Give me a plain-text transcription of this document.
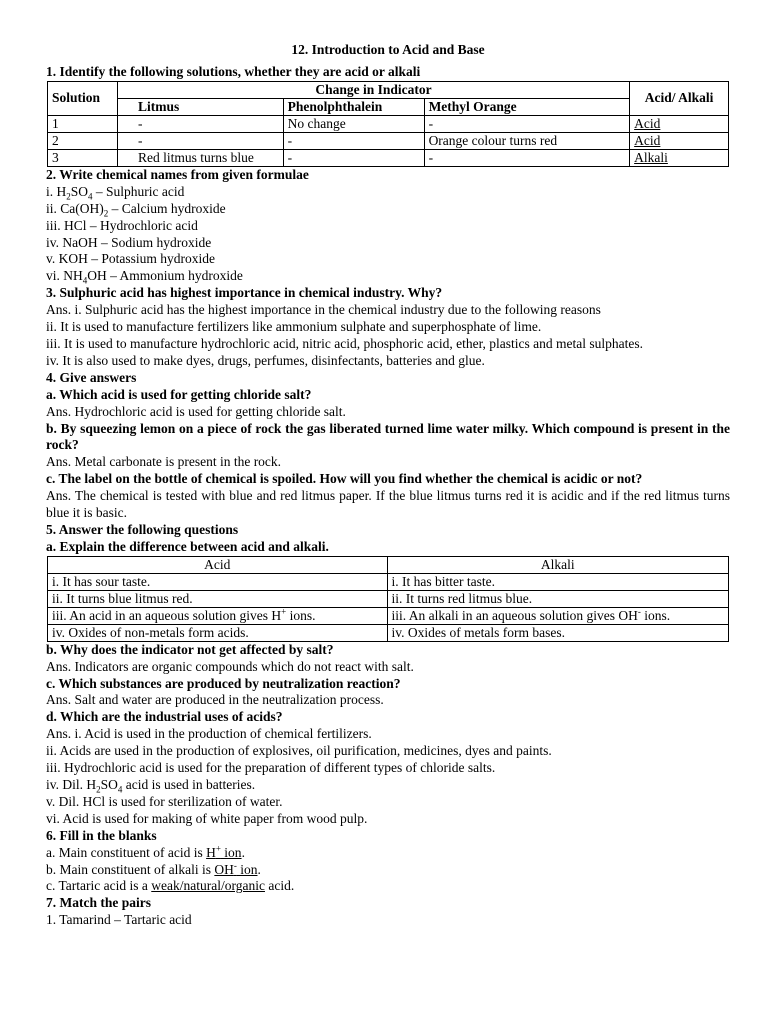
12. Introduction to Acid and Base
1. Identify the following solutions, whether they are acid or alkali
Solution	Change in Indicator			Acid/ Alkali
	Litmus	Phenolphthalein	Methyl Orange	
1	-	No change	-	Acid
2	-	-	Orange colour turns red	Acid
3	Red litmus turns blue	-	-	Alkali
2. Write chemical names from given formulae
i. $H_2SO_4$ – Sulphuric acid
ii. $Ca(OH)_2$ – Calcium hydroxide
iii. HCl – Hydrochloric acid
iv. NaOH – Sodium hydroxide
v. KOH – Potassium hydroxide
vi. $NH_4OH$ – Ammonium hydroxide
3. Sulphuric acid has highest importance in chemical industry. Why?
Ans. i. Sulphuric acid has the highest importance in the chemical industry due to the following reasons
ii. It is used to manufacture fertilizers like ammonium sulphate and superphosphate of lime.
iii. It is used to manufacture hydrochloric acid, nitric acid, phosphoric acid, ether, plastics and metal sulphates.
iv. It is also used to make dyes, drugs, perfumes, disinfectants, batteries and glue.
4. Give answers
a. Which acid is used for getting chloride salt?
Ans. Hydrochloric acid is used for getting chloride salt.
b. By squeezing lemon on a piece of rock the gas liberated turned lime water milky. Which compound is present in the rock?
Ans. Metal carbonate is present in the rock.
c. The label on the bottle of chemical is spoiled. How will you find whether the chemical is acidic or not?
Ans. The chemical is tested with blue and red litmus paper. If the blue litmus turns red it is acidic and if the red litmus turns blue it is basic.
5. Answer the following questions
a. Explain the difference between acid and alkali.
Acid	Alkali
i. It has sour taste.	i. It has bitter taste.
ii. It turns blue litmus red.	ii. It turns red litmus blue.
iii. An acid in an aqueous solution gives H+ ions.	iii. An alkali in an aqueous solution gives OH- ions.
iv. Oxides of non-metals form acids.	iv. Oxides of metals form bases.
b. Why does the indicator not get affected by salt?
Ans. Indicators are organic compounds which do not react with salt.
c. Which substances are produced by neutralization reaction?
Ans. Salt and water are produced in the neutralization process.
d. Which are the industrial uses of acids?
Ans. i. Acid is used in the production of chemical fertilizers.
ii. Acids are used in the production of explosives, oil purification, medicines, dyes and paints.
iii. Hydrochloric acid is used for the preparation of different types of chloride salts.
iv. Dil. $H_2SO_4$ acid is used in batteries.
v. Dil. HCl is used for sterilization of water.
vi. Acid is used for making of white paper from wood pulp.
6. Fill in the blanks
a. Main constituent of acid is H+ ion.
b. Main constituent of alkali is OH- ion.
c. Tartaric acid is a weak/natural/organic acid.
7. Match the pairs
1. Tamarind – Tartaric acid
